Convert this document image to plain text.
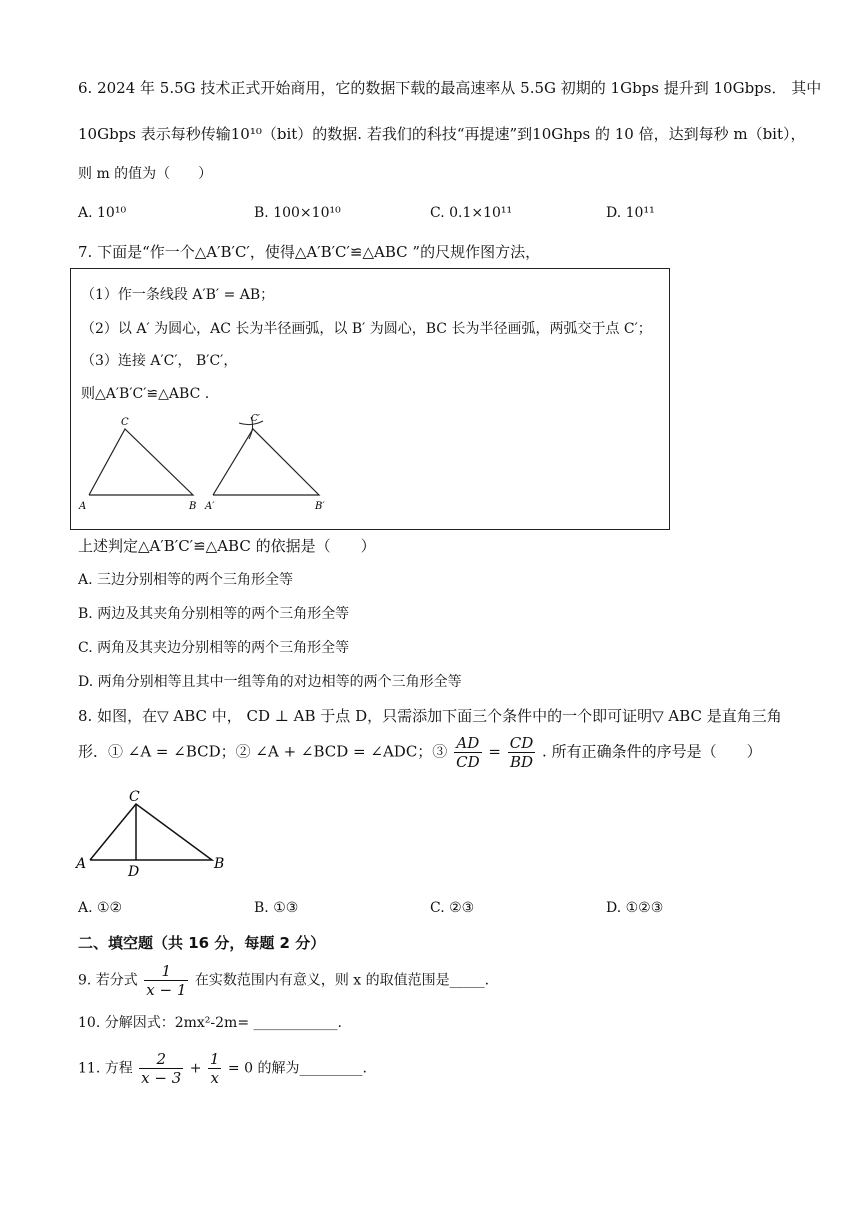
6. 2024 年 5.5G 技术正式开始商用，它的数据下载的最高速率从 5.5G 初期的 1Gbps 提升到 10Gbps． 其中
10Gbps 表示每秒传输10¹⁰（bit）的数据. 若我们的科技“再提速”到10Ghps 的 10 倍，达到每秒 m（bit），
则 m 的值为（　　）
A. 10¹⁰	B. 100×10¹⁰	C. 0.1×10¹¹	D. 10¹¹
7. 下面是“作一个△A′B′C′，使得△A′B′C′≌△ABC ”的尺规作图方法，
（1）作一条线段 A′B′ = AB；
（2）以 A′ 为圆心，AC 长为半径画弧，以 B′ 为圆心，BC 长为半径画弧，两弧交于点 C′；
（3）连接 A′C′， B′C′，
则△A′B′C′≌△ABC .
C
A	B
C′
A′	B′
上述判定△A′B′C′≌△ABC 的依据是（　　）
A. 三边分别相等的两个三角形全等
B. 两边及其夹角分别相等的两个三角形全等
C. 两角及其夹边分别相等的两个三角形全等
D. 两角分别相等且其中一组等角的对边相等的两个三角形全等
8. 如图，在▽ ABC 中， CD ⊥ AB 于点 D，只需添加下面三个条件中的一个即可证明▽ ABC 是直角三角
形．① ∠A = ∠BCD；② ∠A + ∠BCD = ∠ADC；③ $\frac{AD}{CD} = \frac{CD}{BD}$ . 所有正确条件的序号是（　　）
C
A	D	B
A. ①②	B. ①③	C. ②③	D. ①②③
二、填空题（共 16 分，每题 2 分）
9. 若分式 $\frac{1}{x - 1}$ 在实数范围内有意义，则 x 的取值范围是_____.
10. 分解因式：2mx²-2m= ____________.
11. 方程 $\frac{2}{x - 3} + \frac{1}{x} = 0$ 的解为_________.
